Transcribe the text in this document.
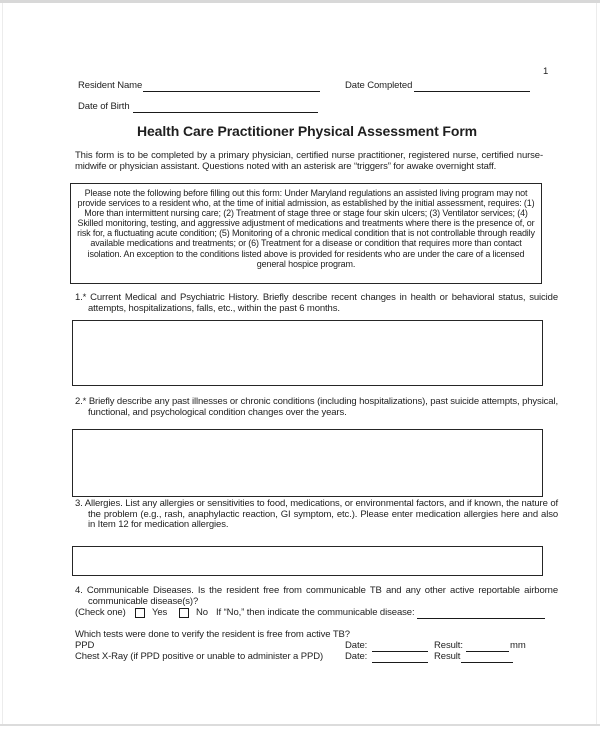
1
Resident Name	Date Completed
Date of Birth
Health Care Practitioner Physical Assessment Form
This form is to be completed by a primary physician, certified nurse practitioner, registered nurse, certified nurse-midwife or physician assistant. Questions noted with an asterisk are “triggers” for awake overnight staff.
Please note the following before filling out this form: Under Maryland regulations an assisted living program may not provide services to a resident who, at the time of initial admission, as established by the initial assessment, requires: (1) More than intermittent nursing care; (2) Treatment of stage three or stage four skin ulcers; (3) Ventilator services; (4) Skilled monitoring, testing, and aggressive adjustment of medications and treatments where there is the presence of, or risk for, a fluctuating acute condition; (5) Monitoring of a chronic medical condition that is not controllable through readily available medications and treatments; or (6) Treatment for a disease or condition that requires more than contact isolation. An exception to the conditions listed above is provided for residents who are under the care of a licensed general hospice program.
1.* Current Medical and Psychiatric History. Briefly describe recent changes in health or behavioral status, suicide attempts, hospitalizations, falls, etc., within the past 6 months.
2.* Briefly describe any past illnesses or chronic conditions (including hospitalizations), past suicide attempts, physical, functional, and psychological condition changes over the years.
3. Allergies. List any allergies or sensitivities to food, medications, or environmental factors, and if known, the nature of the problem (e.g., rash, anaphylactic reaction, GI symptom, etc.). Please enter medication allergies here and also in Item 12 for medication allergies.
4. Communicable Diseases. Is the resident free from communicable TB and any other active reportable airborne communicable disease(s)?
(Check one)	Yes	No If “No,” then indicate the communicable disease:
Which tests were done to verify the resident is free from active TB?
PPD	Date:	Result:	mm
Chest X-Ray (if PPD positive or unable to administer a PPD) Date:	Result
